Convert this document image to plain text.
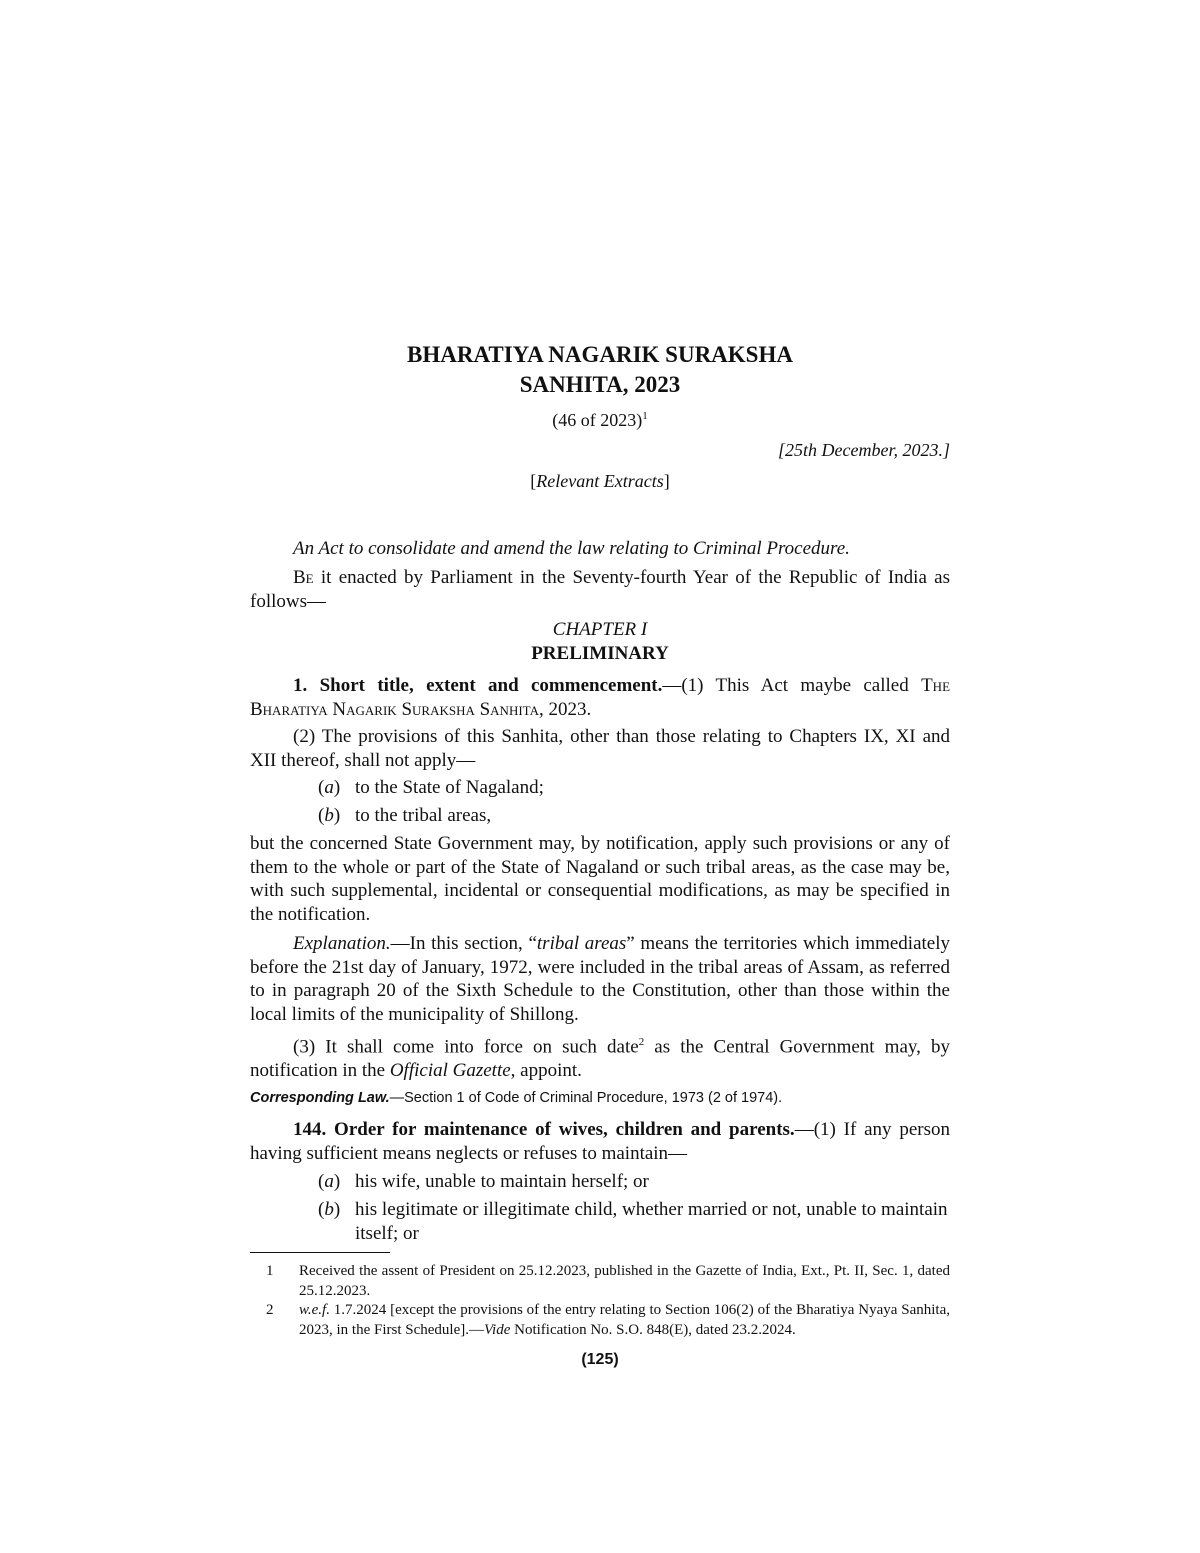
BHARATIYA NAGARIK SURAKSHA
SANHITA, 2023
(46 of 2023)$^1$
[25th December, 2023.]
[Relevant Extracts]
An Act to consolidate and amend the law relating to Criminal Procedure.
Be it enacted by Parliament in the Seventy-fourth Year of the Republic of India as follows—
CHAPTER I
PRELIMINARY
1. Short title, extent and commencement.—(1) This Act maybe called The Bharatiya Nagarik Suraksha Sanhita, 2023.
(2) The provisions of this Sanhita, other than those relating to Chapters IX, XI and XII thereof, shall not apply—
(a) to the State of Nagaland;
(b) to the tribal areas,
but the concerned State Government may, by notification, apply such provisions or any of them to the whole or part of the State of Nagaland or such tribal areas, as the case may be, with such supplemental, incidental or consequential modifications, as may be specified in the notification.
Explanation.—In this section, “tribal areas” means the territories which immediately before the 21st day of January, 1972, were included in the tribal areas of Assam, as referred to in paragraph 20 of the Sixth Schedule to the Constitution, other than those within the local limits of the municipality of Shillong.
(3) It shall come into force on such date$^2$ as the Central Government may, by notification in the Official Gazette, appoint.
Corresponding Law.—Section 1 of Code of Criminal Procedure, 1973 (2 of 1974).
144. Order for maintenance of wives, children and parents.—(1) If any person having sufficient means neglects or refuses to maintain—
(a) his wife, unable to maintain herself; or
(b) his legitimate or illegitimate child, whether married or not, unable to maintain itself; or
1 Received the assent of President on 25.12.2023, published in the Gazette of India, Ext., Pt. II, Sec. 1, dated 25.12.2023.
2 w.e.f. 1.7.2024 [except the provisions of the entry relating to Section 106(2) of the Bharatiya Nyaya Sanhita, 2023, in the First Schedule].—Vide Notification No. S.O. 848(E), dated 23.2.2024.
(125)
